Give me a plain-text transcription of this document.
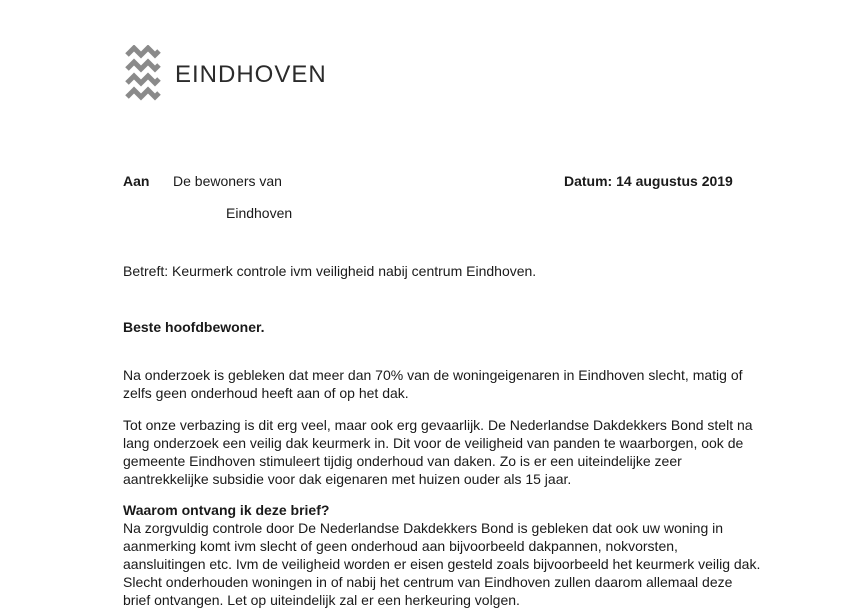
EINDHOVEN
Aan De bewoners van
Eindhoven
Datum: 14 augustus 2019
Betreft: Keurmerk controle ivm veiligheid nabij centrum Eindhoven.
Beste hoofdbewoner.

Na onderzoek is gebleken dat meer dan 70% van de woningeigenaren in Eindhoven slecht, matig of zelfs geen onderhoud heeft aan of op het dak.

Tot onze verbazing is dit erg veel, maar ook erg gevaarlijk. De Nederlandse Dakdekkers Bond stelt na lang onderzoek een veilig dak keurmerk in. Dit voor de veiligheid van panden te waarborgen, ook de gemeente Eindhoven stimuleert tijdig onderhoud van daken. Zo is er een uiteindelijke zeer aantrekkelijke subsidie voor dak eigenaren met huizen ouder als 15 jaar.

Waarom ontvang ik deze brief?

Na zorgvuldig controle door De Nederlandse Dakdekkers Bond is gebleken dat ook uw woning in aanmerking komt ivm slecht of geen onderhoud aan bijvoorbeeld dakpannen, nokvorsten, aansluitingen etc. Ivm de veiligheid worden er eisen gesteld zoals bijvoorbeeld het keurmerk veilig dak. Slecht onderhouden woningen in of nabij het centrum van Eindhoven zullen daarom allemaal deze brief ontvangen. Let op uiteindelijk zal er een herkeuring volgen.
